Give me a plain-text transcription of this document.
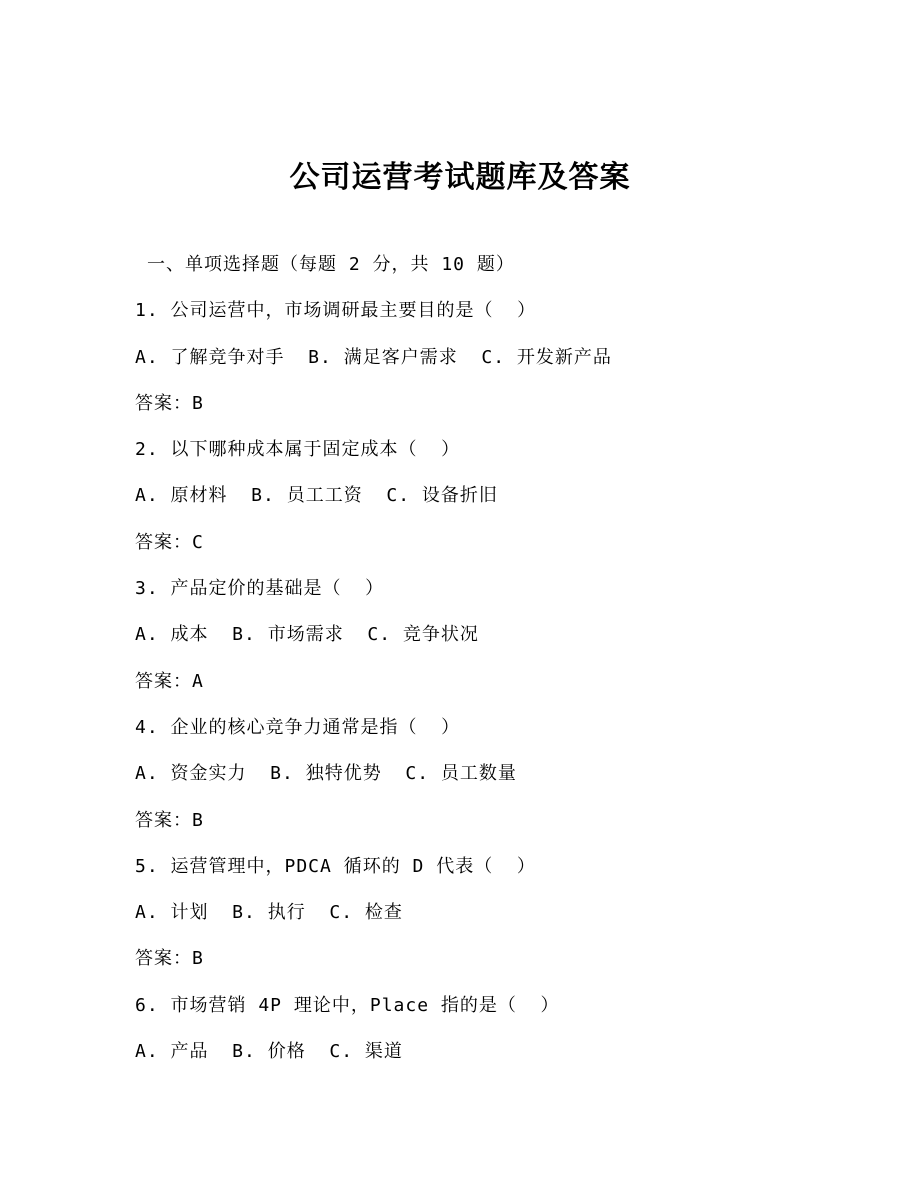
公司运营考试题库及答案
一、单项选择题（每题 2 分，共 10 题）
1. 公司运营中，市场调研最主要目的是（  ）
A. 了解竞争对手  B. 满足客户需求  C. 开发新产品
答案：B
2. 以下哪种成本属于固定成本（  ）
A. 原材料  B. 员工工资  C. 设备折旧
答案：C
3. 产品定价的基础是（  ）
A. 成本  B. 市场需求  C. 竞争状况
答案：A
4. 企业的核心竞争力通常是指（  ）
A. 资金实力  B. 独特优势  C. 员工数量
答案：B
5. 运营管理中，PDCA 循环的 D 代表（  ）
A. 计划  B. 执行  C. 检查
答案：B
6. 市场营销 4P 理论中，Place 指的是（  ）
A. 产品  B. 价格  C. 渠道
